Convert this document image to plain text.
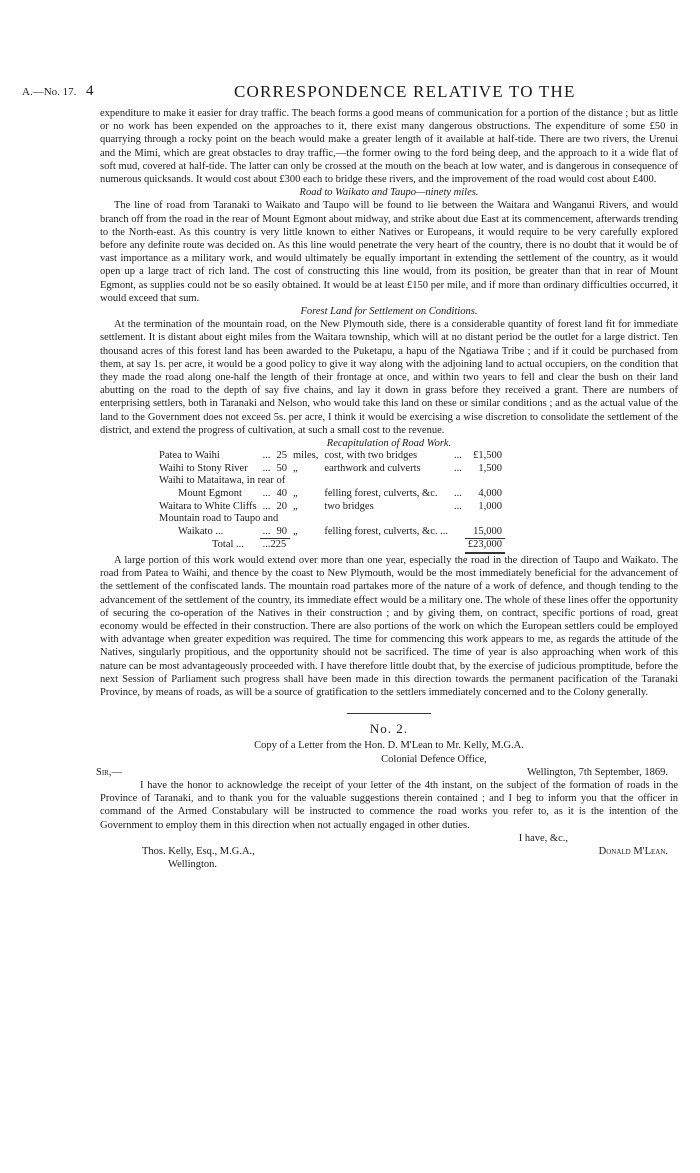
A.—No. 17. 4	CORRESPONDENCE RELATIVE TO THE

expenditure to make it easier for dray traffic. The beach forms a good means of communication for a portion of the distance ; but as little or no work has been expended on the approaches to it, there exist many dangerous obstructions. The expenditure of some £50 in quarrying through a rocky point on the beach would make a greater length of it available at half-tide. There are two rivers, the Urenui and the Mimi, which are great obstacles to dray traffic,—the former owing to the ford being deep, and the approach to it a wide flat of soft mud, covered at half-tide. The latter can only be crossed at the mouth on the beach at low water, and is dangerous in consequence of numerous quicksands. It would cost about £300 each to bridge these rivers, and the improvement of the road would cost about £400.

Road to Waikato and Taupo—ninety miles.

The line of road from Taranaki to Waikato and Taupo will be found to lie between the Waitara and Wanganui Rivers, and would branch off from the road in the rear of Mount Egmont about midway, and strike about due East at its commencement, afterwards trending to the North-east. As this country is very little known to either Natives or Europeans, it would require to be very carefully explored before any definite route was decided on. As this line would penetrate the very heart of the country, there is no doubt that it would be of vast importance as a military work, and would ultimately be equally important in extending the settlement of the country, as it would open up a large tract of rich land. The cost of constructing this line would, from its position, be greater than that in rear of Mount Egmont, as supplies could not be so easily obtained. It would be at least £150 per mile, and if more than ordinary difficulties occurred, it would exceed that sum.

Forest Land for Settlement on Conditions.

At the termination of the mountain road, on the New Plymouth side, there is a considerable quantity of forest land fit for immediate settlement. It is distant about eight miles from the Waitara township, which will at no distant period be the outlet for a large district. Ten thousand acres of this forest land has been awarded to the Puketapu, a hapu of the Ngatiawa Tribe ; and if it could be purchased from them, at say 1s. per acre, it would be a good policy to give it way along with the adjoining land to actual occupiers, on the condition that they made the road along one-half the length of their frontage at once, and within two years to fell and clear the bush on their land abutting on the road to the depth of say five chains, and lay it down in grass before they received a grant. There are numbers of enterprising settlers, both in Taranaki and Nelson, who would take this land on these or similar conditions ; and as the actual value of the land to the Government does not exceed 5s. per acre, I think it would be exercising a wise discretion to consolidate the settlement of the district, and extend the progress of cultivation, at such a small cost to the revenue.

Recapitulation of Road Work.

Patea to Waihi	...	25	miles,	cost, with two bridges	...	£1,500
Waihi to Stony River	...	50	„	earthwork and culverts	...	1,500
Waihi to Mataitawa, in rear of						
Mount Egmont	...	40	„	felling forest, culverts, &c.	...	4,000
Waitara to White Cliffs	...	20	„	two bridges	...	1,000
Mountain road to Taupo and						
Waikato ...	...	90	„	felling forest, culverts, &c. ...		15,000
Total ...	...225					£23,000

A large portion of this work would extend over more than one year, especially the road in the direction of Taupo and Waikato. The road from Patea to Waihi, and thence by the coast to New Plymouth, would be the most immediately beneficial for the advancement of the settlement of the confiscated lands. The mountain road partakes more of the nature of a work of defence, and though tending to the advancement of the settlement of the country, its immediate effect would be a military one. The whole of these lines offer the opportunity of securing the co-operation of the Natives in their construction ; and by giving them, on contract, specific portions of road, great economy would be effected in their construction. There are also portions of the work on which the European settlers could be employed with advantage when greater expedition was required. The time for commencing this work appears to me, as regards the attitude of the Natives, singularly propitious, and the opportunity should not be sacrificed. The time of year is also approaching when work of this nature can be most advantageously proceeded with. I have therefore little doubt that, by the exercise of judicious promptitude, before the next Session of Parliament such progress shall have been made in this direction towards the permanent pacification of the Taranaki Province, by means of roads, as will be a source of gratification to the settlers immediately concerned and to the Colony generally.

No. 2.

Copy of a Letter from the Hon. D. M'Lean to Mr. Kelly, M.G.A.

Colonial Defence Office,

Sir,—	Wellington, 7th September, 1869.

I have the honor to acknowledge the receipt of your letter of the 4th instant, on the subject of the formation of roads in the Province of Taranaki, and to thank you for the valuable suggestions therein contained ; and I beg to inform you that the officer in command of the Armed Constabulary will be instructed to commence the road works you refer to, as it is the intention of the Government to employ them in this direction when not actually engaged in other duties.

I have, &c.,
Thos. Kelly, Esq., M.G.A.,	Donald M'Lean.
Wellington.
